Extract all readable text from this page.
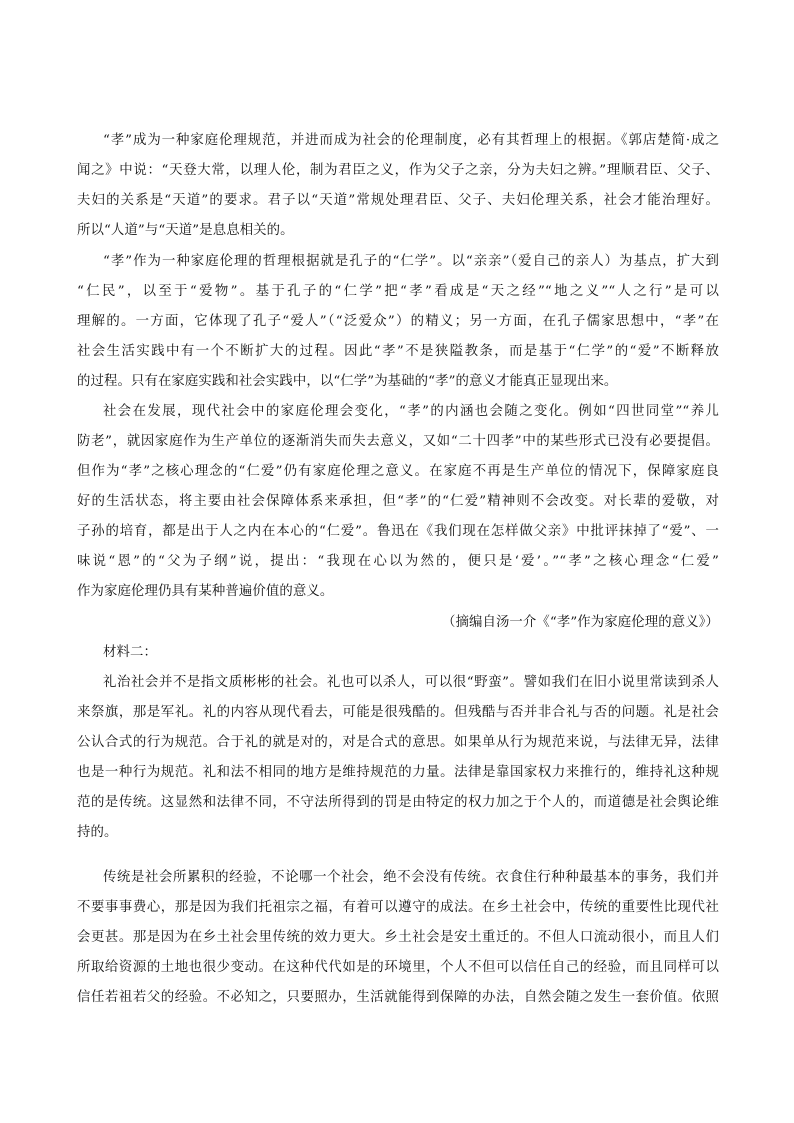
“孝”成为一种家庭伦理规范，并进而成为社会的伦理制度，必有其哲理上的根据。《郭店楚简·成之
闻之》中说：“天登大常，以理人伦，制为君臣之义，作为父子之亲，分为夫妇之辨。”理顺君臣、父子、
夫妇的关系是“天道”的要求。君子以“天道”常规处理君臣、父子、夫妇伦理关系，社会才能治理好。
所以“人道”与“天道”是息息相关的。
“孝”作为一种家庭伦理的哲理根据就是孔子的“仁学”。以“亲亲”（爱自己的亲人）为基点，扩大到
“仁民”，以至于“爱物”。基于孔子的“仁学”把“孝”看成是“天之经”“地之义”“人之行”是可以
理解的。一方面，它体现了孔子“爱人”（“泛爱众”）的精义；另一方面，在孔子儒家思想中，“孝”在
社会生活实践中有一个不断扩大的过程。因此“孝”不是狭隘教条，而是基于“仁学”的“爱”不断释放
的过程。只有在家庭实践和社会实践中，以“仁学”为基础的“孝”的意义才能真正显现出来。
社会在发展，现代社会中的家庭伦理会变化，“孝”的内涵也会随之变化。例如“四世同堂”“养儿
防老”，就因家庭作为生产单位的逐渐消失而失去意义，又如“二十四孝”中的某些形式已没有必要提倡。
但作为“孝”之核心理念的“仁爱”仍有家庭伦理之意义。在家庭不再是生产单位的情况下，保障家庭良
好的生活状态，将主要由社会保障体系来承担，但“孝”的“仁爱”精神则不会改变。对长辈的爱敬，对
子孙的培育，都是出于人之内在本心的“仁爱”。鲁迅在《我们现在怎样做父亲》中批评抹掉了“爱”、一
味说“恩”的“父为子纲”说，提出：“我现在心以为然的，便只是‘爱’。”“孝”之核心理念“仁爱”
作为家庭伦理仍具有某种普遍价值的意义。
（摘编自汤一介《“孝”作为家庭伦理的意义》）
材料二：
礼治社会并不是指文质彬彬的社会。礼也可以杀人，可以很“野蛮”。譬如我们在旧小说里常读到杀人
来祭旗，那是军礼。礼的内容从现代看去，可能是很残酷的。但残酷与否并非合礼与否的问题。礼是社会
公认合式的行为规范。合于礼的就是对的，对是合式的意思。如果单从行为规范来说，与法律无异，法律
也是一种行为规范。礼和法不相同的地方是维持规范的力量。法律是靠国家权力来推行的，维持礼这种规
范的是传统。这显然和法律不同，不守法所得到的罚是由特定的权力加之于个人的，而道德是社会舆论维
持的。
传统是社会所累积的经验，不论哪一个社会，绝不会没有传统。衣食住行种种最基本的事务，我们并
不要事事费心，那是因为我们托祖宗之福，有着可以遵守的成法。在乡土社会中，传统的重要性比现代社
会更甚。那是因为在乡土社会里传统的效力更大。乡土社会是安土重迁的。不但人口流动很小，而且人们
所取给资源的土地也很少变动。在这种代代如是的环境里，个人不但可以信任自己的经验，而且同样可以
信任若祖若父的经验。不必知之，只要照办，生活就能得到保障的办法，自然会随之发生一套价值。依照
